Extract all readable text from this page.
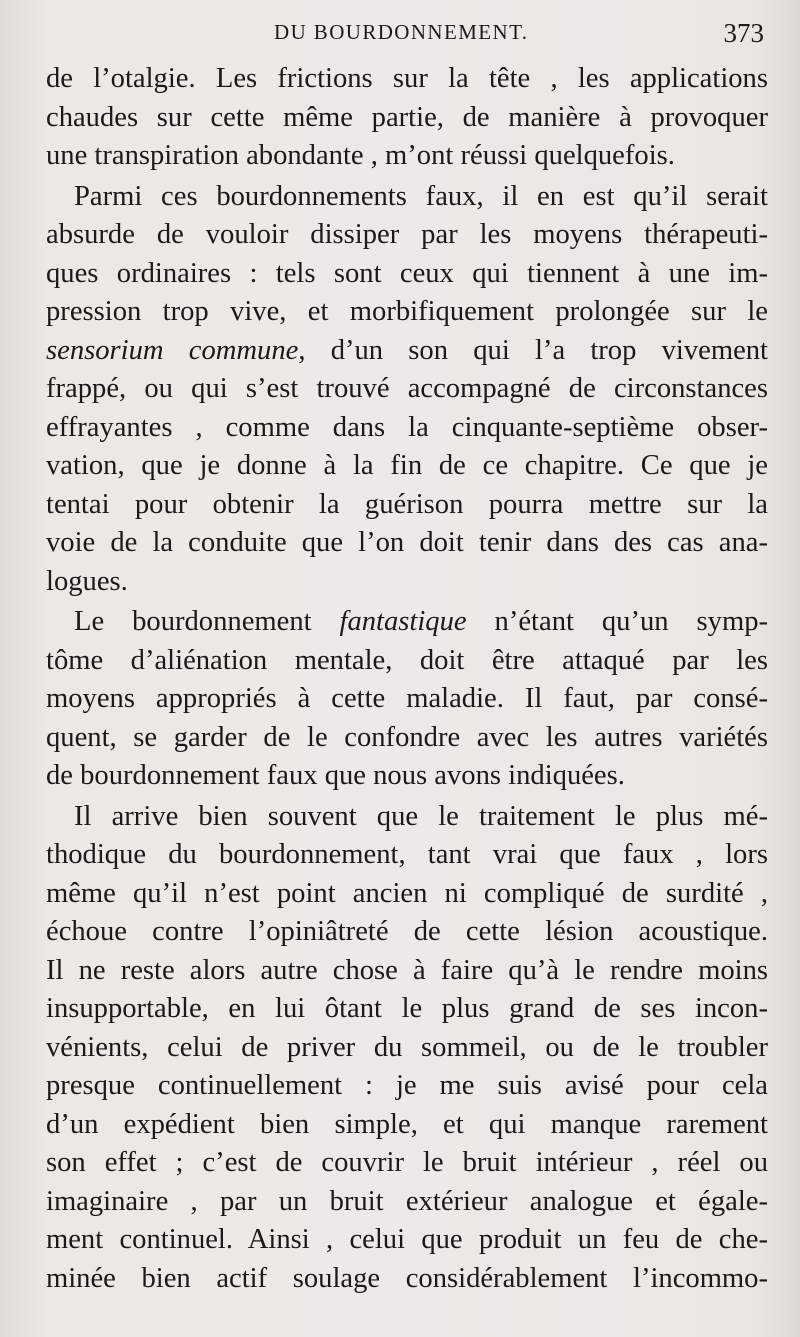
DU BOURDONNEMENT.	373
de l’otalgie. Les frictions sur la tête , les applications
chaudes sur cette même partie, de manière à provoquer
une transpiration abondante , m’ont réussi quelquefois.
Parmi ces bourdonnements faux, il en est qu’il serait
absurde de vouloir dissiper par les moyens thérapeuti-
ques ordinaires : tels sont ceux qui tiennent à une im-
pression trop vive, et morbifiquement prolongée sur le
sensorium commune, d’un son qui l’a trop vivement
frappé, ou qui s’est trouvé accompagné de circonstances
effrayantes , comme dans la cinquante-septième obser-
vation, que je donne à la fin de ce chapitre. Ce que je
tentai pour obtenir la guérison pourra mettre sur la
voie de la conduite que l’on doit tenir dans des cas ana-
logues.
Le bourdonnement fantastique n’étant qu’un symp-
tôme d’aliénation mentale, doit être attaqué par les
moyens appropriés à cette maladie. Il faut, par consé-
quent, se garder de le confondre avec les autres variétés
de bourdonnement faux que nous avons indiquées.
Il arrive bien souvent que le traitement le plus mé-
thodique du bourdonnement, tant vrai que faux , lors
même qu’il n’est point ancien ni compliqué de surdité ,
échoue contre l’opiniâtreté de cette lésion acoustique.
Il ne reste alors autre chose à faire qu’à le rendre moins
insupportable, en lui ôtant le plus grand de ses incon-
vénients, celui de priver du sommeil, ou de le troubler
presque continuellement : je me suis avisé pour cela
d’un expédient bien simple, et qui manque rarement
son effet ; c’est de couvrir le bruit intérieur , réel ou
imaginaire , par un bruit extérieur analogue et égale-
ment continuel. Ainsi , celui que produit un feu de che-
minée bien actif soulage considérablement l’incommo-
